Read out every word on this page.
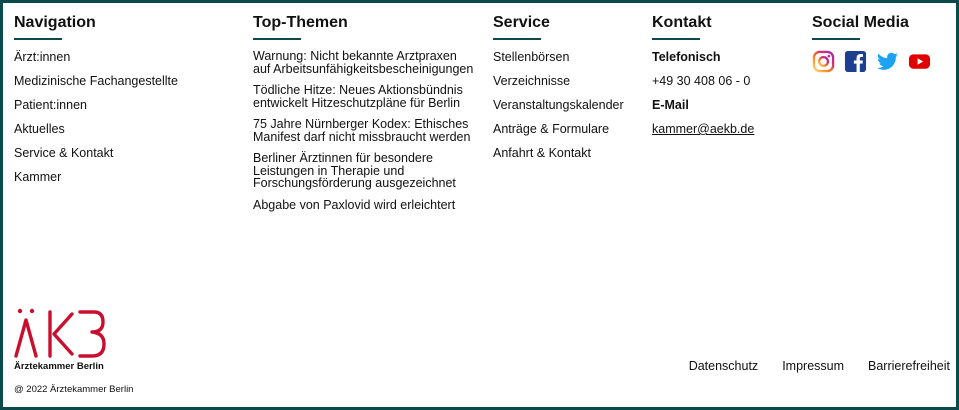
Navigation
Ärzt:innen
Medizinische Fachangestellte
Patient:innen
Aktuelles
Service & Kontakt
Kammer
Top-Themen
Warnung: Nicht bekannte Arztpraxen auf Arbeitsunfähigkeitsbescheinigungen
Tödliche Hitze: Neues Aktionsbündnis entwickelt Hitzeschutzpläne für Berlin
75 Jahre Nürnberger Kodex: Ethisches Manifest darf nicht missbraucht werden
Berliner Ärztinnen für besondere Leistungen in Therapie und Forschungsförderung ausgezeichnet
Abgabe von Paxlovid wird erleichtert
Service
Stellenbörsen
Verzeichnisse
Veranstaltungskalender
Anträge & Formulare
Anfahrt & Kontakt
Kontakt
Telefonisch
+49 30 408 06 - 0
E-Mail
kammer@aekb.de
Social Media
Ärztekammer Berlin
@ 2022 Ärztekammer Berlin
Datenschutz Impressum Barrierefreiheit
